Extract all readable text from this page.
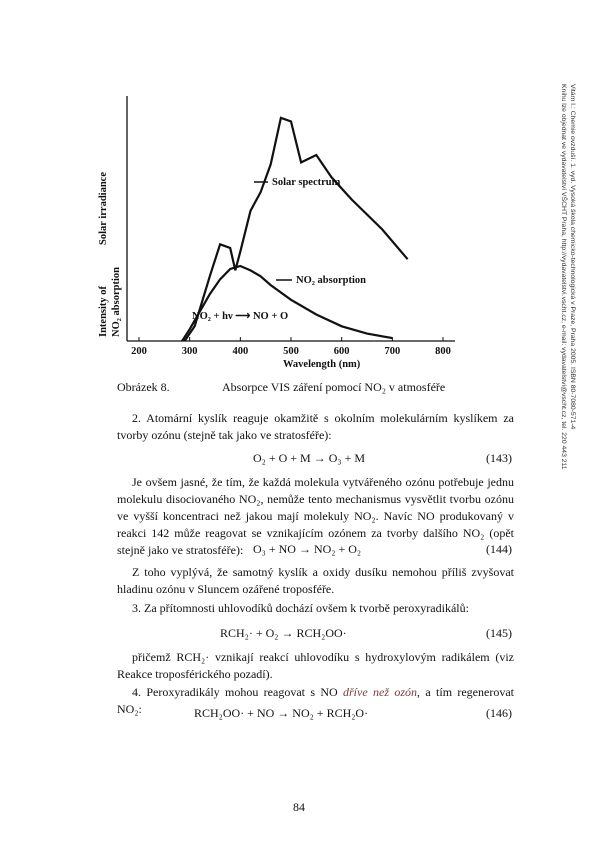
Vitám I.: Chemie ovzduší. 1. vyd. Vysoká škola chemicko-technologická v Praze, Praha 2005. ISBN 80-7080-571-4
Knihu lze objednat ve vydavatelství VŠCHT Praha, http://vydavatelstvi.vscht.cz, e-mail: vydavatelstvi@vscht.cz, tel. 220 443 211
200	300	400	500	600	700	800
Wavelength (nm)
Solar irradiance
Intensity of NO₂ absorption
Solar spectrum
NO₂ absorption
NO₂ + hν ⟶ NO + O
Obrázek 8.	Absorpce VIS záření pomocí NO₂ v atmosféře

2. Atomární kyslík reaguje okamžitě s okolním molekulárním kyslíkem za tvorby ozónu (stejně tak jako ve stratosféře):

O₂ + O + M → O₃ + M	(143)

Je ovšem jasné, že tím, že každá molekula vytvářeného ozónu potřebuje jednu molekulu disociovaného NO₂, nemůže tento mechanismus vysvětlit tvorbu ozónu ve vyšší koncentraci než jakou mají molekuly NO₂. Navíc NO produkovaný v reakci 142 může reagovat se vznikajícím ozónem za tvorby dalšího NO₂ (opět stejně jako ve stratosféře): O₃ + NO → NO₂ + O₂	(144)

Z toho vyplývá, že samotný kyslík a oxidy dusíku nemohou příliš zvyšovat hladinu ozónu v Sluncem ozářené troposféře.

3. Za přítomnosti uhlovodíků dochází ovšem k tvorbě peroxyradikálů:

RCH₂· + O₂ → RCH₂OO·	(145)

přičemž RCH₂· vznikají reakcí uhlovodíku s hydroxylovým radikálem (viz Reakce troposférického pozadí).

4. Peroxyradikály mohou reagovat s NO dříve než ozón, a tím regenerovat NO₂:	RCH₂OO· + NO → NO₂ + RCH₂O·	(146)
84
